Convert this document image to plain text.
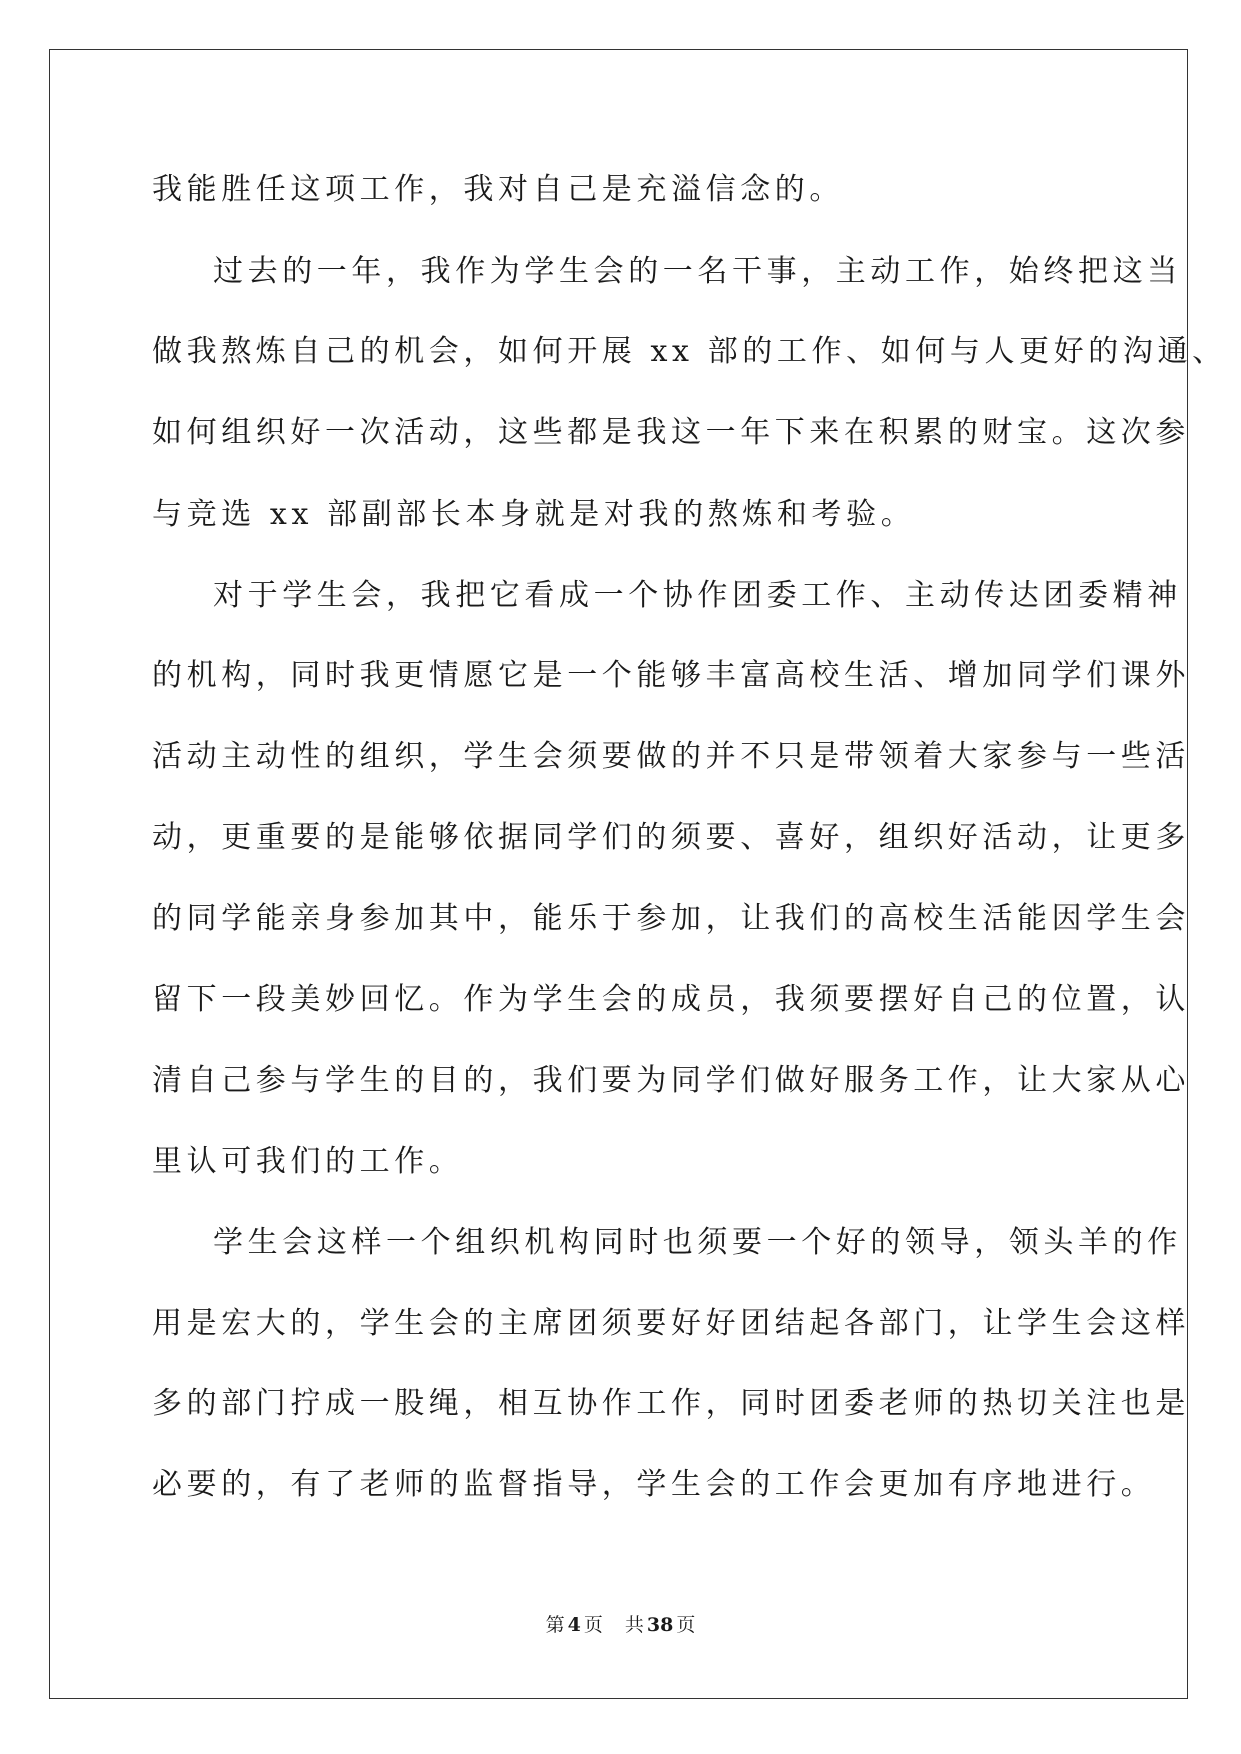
我能胜任这项工作，我对自己是充溢信念的。
过去的一年，我作为学生会的一名干事，主动工作，始终把这当
做我熬炼自己的机会，如何开展 xx 部的工作、如何与人更好的沟通、
如何组织好一次活动，这些都是我这一年下来在积累的财宝。这次参
与竞选 xx 部副部长本身就是对我的熬炼和考验。
对于学生会，我把它看成一个协作团委工作、主动传达团委精神
的机构，同时我更情愿它是一个能够丰富高校生活、增加同学们课外
活动主动性的组织，学生会须要做的并不只是带领着大家参与一些活
动，更重要的是能够依据同学们的须要、喜好，组织好活动，让更多
的同学能亲身参加其中，能乐于参加，让我们的高校生活能因学生会
留下一段美妙回忆。作为学生会的成员，我须要摆好自己的位置，认
清自己参与学生的目的，我们要为同学们做好服务工作，让大家从心
里认可我们的工作。
学生会这样一个组织机构同时也须要一个好的领导，领头羊的作
用是宏大的，学生会的主席团须要好好团结起各部门，让学生会这样
多的部门拧成一股绳，相互协作工作，同时团委老师的热切关注也是
必要的，有了老师的监督指导，学生会的工作会更加有序地进行。
第 4 页 共 38 页
